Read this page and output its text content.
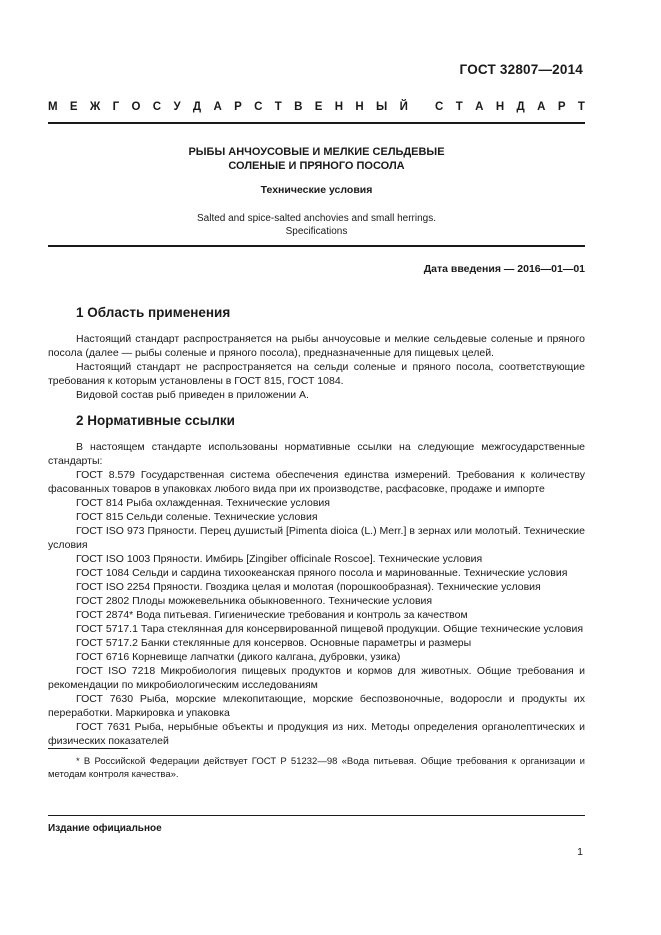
ГОСТ 32807—2014
М Е Ж Г О С У Д А Р С Т В Е Н Н Ы Й С Т А Н Д А Р Т
РЫБЫ АНЧОУСОВЫЕ И МЕЛКИЕ СЕЛЬДЕВЫЕ
СОЛЕНЫЕ И ПРЯНОГО ПОСОЛА
Технические условия
Salted and spice-salted anchovies and small herrings.
Specifications
Дата введения — 2016—01—01
1 Область применения

Настоящий стандарт распространяется на рыбы анчоусовые и мелкие сельдевые соленые и пряного посола (далее — рыбы соленые и пряного посола), предназначенные для пищевых целей.

Настоящий стандарт не распространяется на сельди соленые и пряного посола, соответствующие требования к которым установлены в ГОСТ 815, ГОСТ 1084.

Видовой состав рыб приведен в приложении А.

2 Нормативные ссылки

В настоящем стандарте использованы нормативные ссылки на следующие межгосударственные стандарты:

ГОСТ 8.579 Государственная система обеспечения единства измерений. Требования к количеству фасованных товаров в упаковках любого вида при их производстве, расфасовке, продаже и импорте

ГОСТ 814 Рыба охлажденная. Технические условия

ГОСТ 815 Сельди соленые. Технические условия

ГОСТ ISO 973 Пряности. Перец душистый [Pimenta dioica (L.) Merr.] в зернах или молотый. Технические условия

ГОСТ ISO 1003 Пряности. Имбирь [Zingiber officinale Roscoe]. Технические условия

ГОСТ 1084 Сельди и сардина тихоокеанская пряного посола и маринованные. Технические условия

ГОСТ ISO 2254 Пряности. Гвоздика целая и молотая (порошкообразная). Технические условия

ГОСТ 2802 Плоды можжевельника обыкновенного. Технические условия

ГОСТ 2874* Вода питьевая. Гигиенические требования и контроль за качеством

ГОСТ 5717.1 Тара стеклянная для консервированной пищевой продукции. Общие технические условия

ГОСТ 5717.2 Банки стеклянные для консервов. Основные параметры и размеры

ГОСТ 6716 Корневище лапчатки (дикого калгана, дубровки, узика)

ГОСТ ISO 7218 Микробиология пищевых продуктов и кормов для животных. Общие требования и рекомендации по микробиологическим исследованиям

ГОСТ 7630 Рыба, морские млекопитающие, морские беспозвоночные, водоросли и продукты их переработки. Маркировка и упаковка

ГОСТ 7631 Рыба, нерыбные объекты и продукция из них. Методы определения органолептических и физических показателей

* В Российской Федерации действует ГОСТ Р 51232—98 «Вода питьевая. Общие требования к организации и методам контроля качества».

Издание официальное
1
